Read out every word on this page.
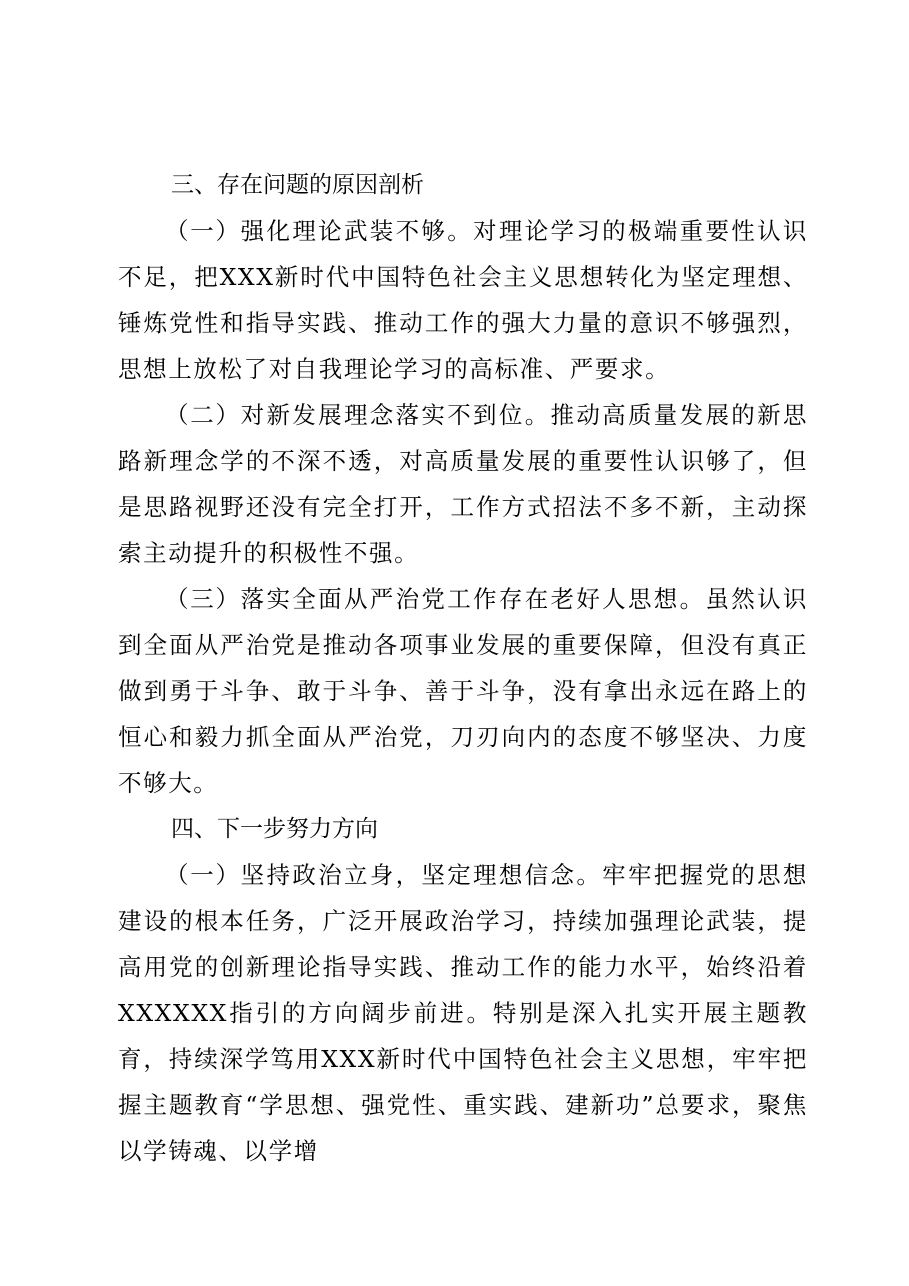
三、存在问题的原因剖析

（一）强化理论武装不够。对理论学习的极端重要性认识不足，把XXX新时代中国特色社会主义思想转化为坚定理想、锤炼党性和指导实践、推动工作的强大力量的意识不够强烈，思想上放松了对自我理论学习的高标准、严要求。

（二）对新发展理念落实不到位。推动高质量发展的新思路新理念学的不深不透，对高质量发展的重要性认识够了，但是思路视野还没有完全打开，工作方式招法不多不新，主动探索主动提升的积极性不强。

（三）落实全面从严治党工作存在老好人思想。虽然认识到全面从严治党是推动各项事业发展的重要保障，但没有真正做到勇于斗争、敢于斗争、善于斗争，没有拿出永远在路上的恒心和毅力抓全面从严治党，刀刃向内的态度不够坚决、力度不够大。

四、下一步努力方向

（一）坚持政治立身，坚定理想信念。牢牢把握党的思想建设的根本任务，广泛开展政治学习，持续加强理论武装，提高用党的创新理论指导实践、推动工作的能力水平，始终沿着XXXXXX指引的方向阔步前进。特别是深入扎实开展主题教育，持续深学笃用XXX新时代中国特色社会主义思想，牢牢把握主题教育“学思想、强党性、重实践、建新功”总要求，聚焦以学铸魂、以学增
